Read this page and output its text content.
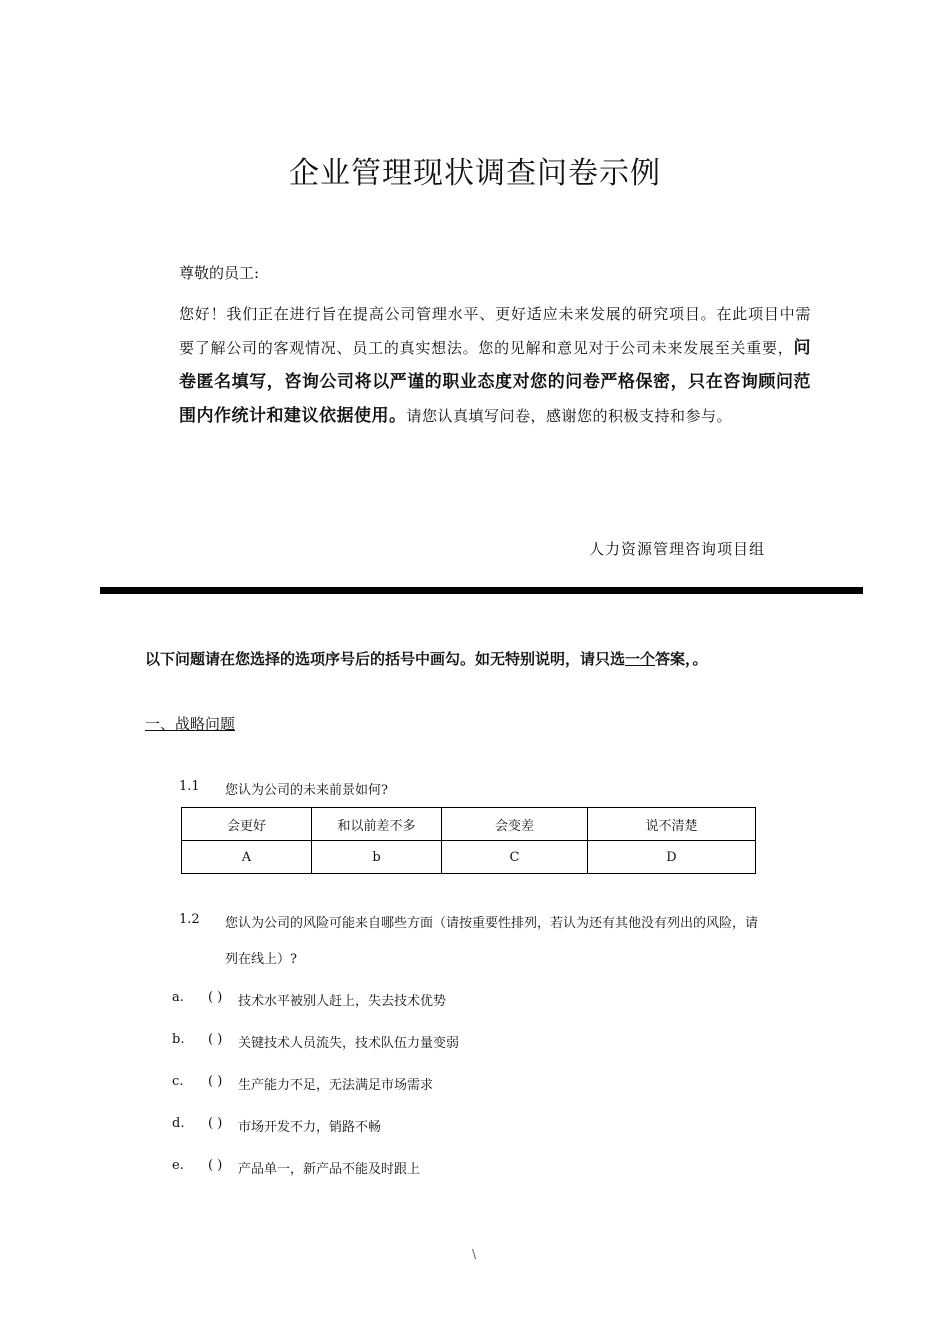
企业管理现状调查问卷示例
尊敬的员工:
您好！我们正在进行旨在提高公司管理水平、更好适应未来发展的研究项目。在此项目中需要了解公司的客观情况、员工的真实想法。您的见解和意见对于公司未来发展至关重要，问卷匿名填写，咨询公司将以严谨的职业态度对您的问卷严格保密，只在咨询顾问范围内作统计和建议依据使用。请您认真填写问卷，感谢您的积极支持和参与。
人力资源管理咨询项目组
以下问题请在您选择的选项序号后的括号中画勾。如无特别说明，请只选一个答案，。
一、战略问题
1.1 您认为公司的未来前景如何?
会更好	和以前差不多	会变差	说不清楚
A	b	C	D
1.2 您认为公司的风险可能来自哪些方面（请按重要性排列，若认为还有其他没有列出的风险，请
列在线上）?
a.	( )	技术水平被别人赶上，失去技术优势
b.	( )	关键技术人员流失，技术队伍力量变弱
c.	( )	生产能力不足，无法满足市场需求
d.	( )	市场开发不力，销路不畅
e.	( )	产品单一，新产品不能及时跟上
\
